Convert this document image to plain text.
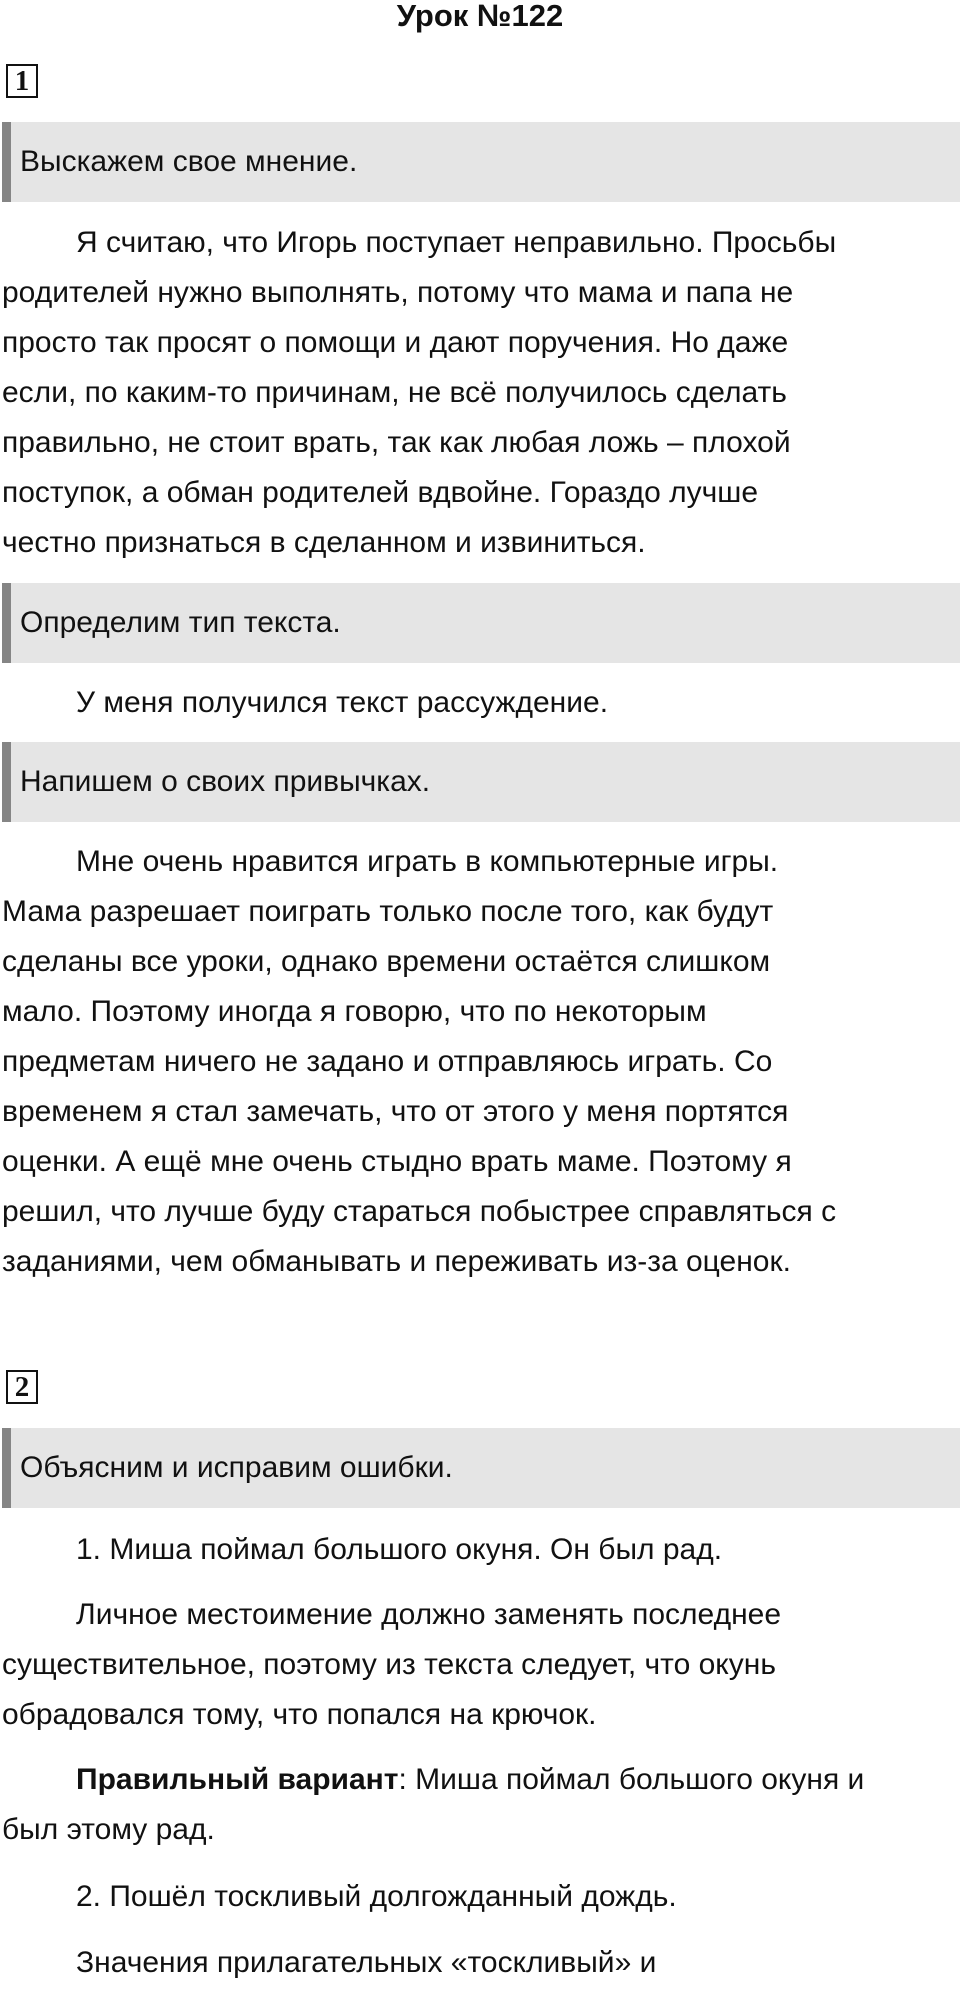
Урок №122
1
Выскажем свое мнение.

Я считаю, что Игорь поступает неправильно. Просьбы
родителей нужно выполнять, потому что мама и папа не
просто так просят о помощи и дают поручения. Но даже
если, по каким-то причинам, не всё получилось сделать
правильно, не стоит врать, так как любая ложь – плохой
поступок, а обман родителей вдвойне. Гораздо лучше
честно признаться в сделанном и извиниться.

Определим тип текста.

У меня получился текст рассуждение.

Напишем о своих привычках.

Мне очень нравится играть в компьютерные игры.
Мама разрешает поиграть только после того, как будут
сделаны все уроки, однако времени остаётся слишком
мало. Поэтому иногда я говорю, что по некоторым
предметам ничего не задано и отправляюсь играть. Со
временем я стал замечать, что от этого у меня портятся
оценки. А ещё мне очень стыдно врать маме. Поэтому я
решил, что лучше буду стараться побыстрее справляться с
заданиями, чем обманывать и переживать из-за оценок.

2
Объясним и исправим ошибки.

1. Миша поймал большого окуня. Он был рад.

Личное местоимение должно заменять последнее
существительное, поэтому из текста следует, что окунь
обрадовался тому, что попался на крючок.

Правильный вариант: Миша поймал большого окуня и
был этому рад.

2. Пошёл тоскливый долгожданный дождь.

Значения прилагательных «тоскливый» и
